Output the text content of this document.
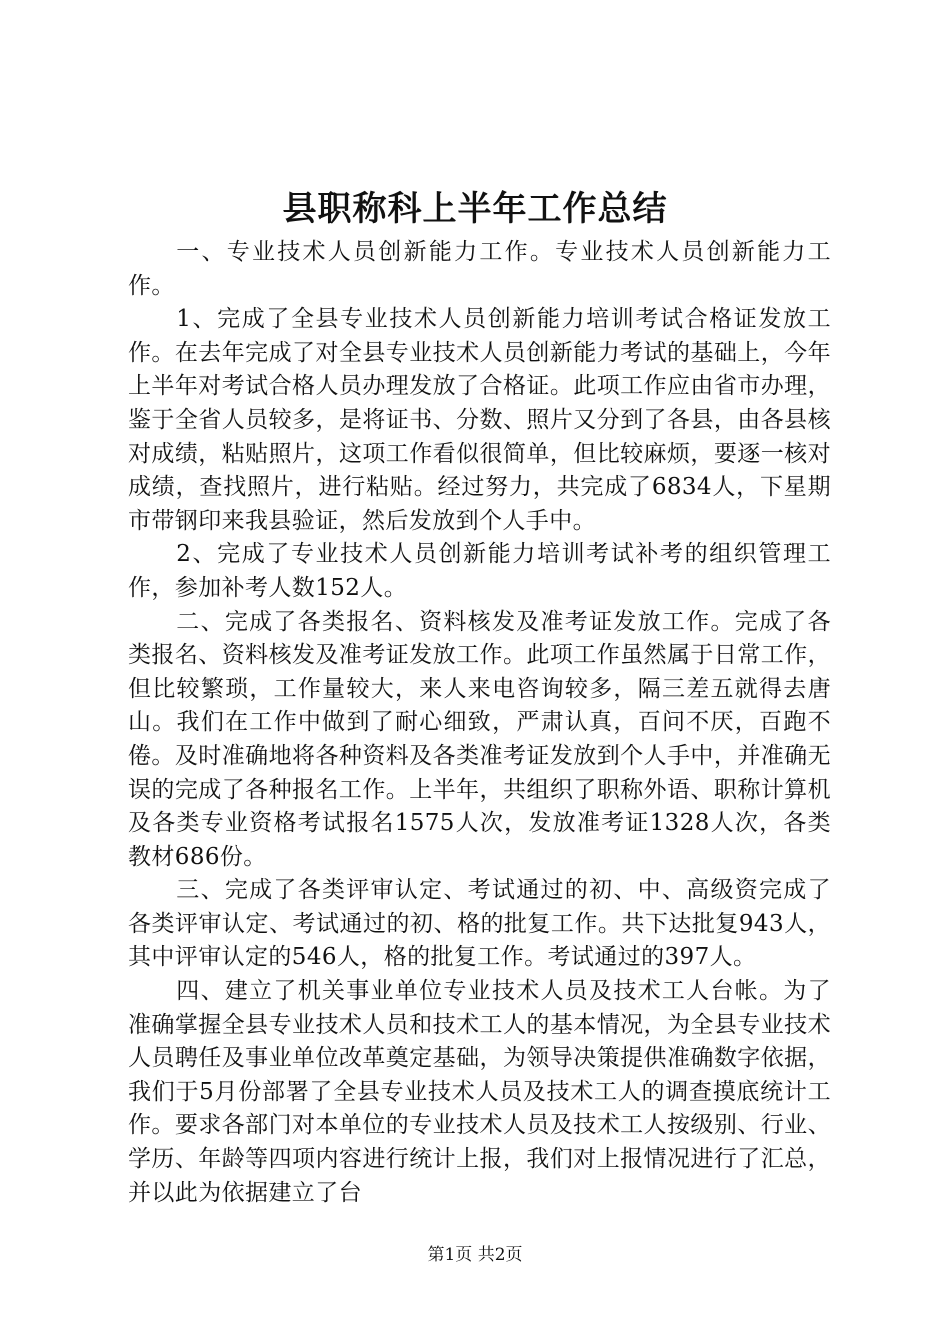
县职称科上半年工作总结

一、专业技术人员创新能力工作。专业技术人员创新能力工作。

1、完成了全县专业技术人员创新能力培训考试合格证发放工作。在去年完成了对全县专业技术人员创新能力考试的基础上，今年上半年对考试合格人员办理发放了合格证。此项工作应由省市办理，鉴于全省人员较多，是将证书、分数、照片又分到了各县，由各县核对成绩，粘贴照片，这项工作看似很简单，但比较麻烦，要逐一核对成绩，查找照片，进行粘贴。经过努力，共完成了6834人，下星期市带钢印来我县验证，然后发放到个人手中。

2、完成了专业技术人员创新能力培训考试补考的组织管理工作，参加补考人数152人。

二、完成了各类报名、资料核发及准考证发放工作。完成了各类报名、资料核发及准考证发放工作。此项工作虽然属于日常工作，但比较繁琐，工作量较大，来人来电咨询较多，隔三差五就得去唐山。我们在工作中做到了耐心细致，严肃认真，百问不厌，百跑不倦。及时准确地将各种资料及各类准考证发放到个人手中，并准确无误的完成了各种报名工作。上半年，共组织了职称外语、职称计算机及各类专业资格考试报名1575人次，发放准考证1328人次，各类教材686份。

三、完成了各类评审认定、考试通过的初、中、高级资完成了各类评审认定、考试通过的初、格的批复工作。共下达批复943人，其中评审认定的546人，格的批复工作。考试通过的397人。

四、建立了机关事业单位专业技术人员及技术工人台帐。为了准确掌握全县专业技术人员和技术工人的基本情况，为全县专业技术人员聘任及事业单位改革奠定基础，为领导决策提供准确数字依据，我们于5月份部署了全县专业技术人员及技术工人的调查摸底统计工作。要求各部门对本单位的专业技术人员及技术工人按级别、行业、学历、年龄等四项内容进行统计上报，我们对上报情况进行了汇总，并以此为依据建立了台

第1页 共2页
